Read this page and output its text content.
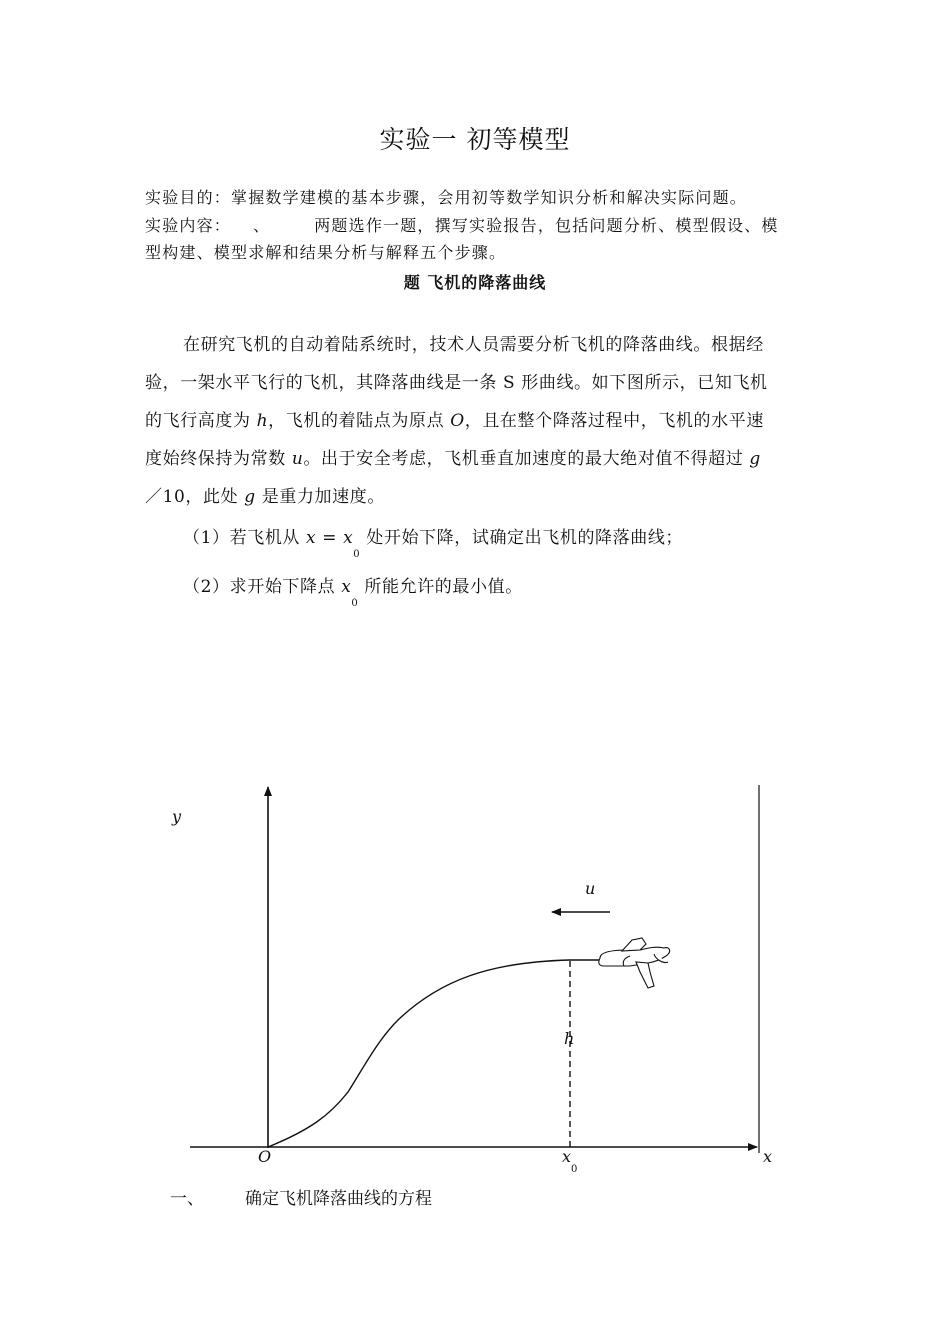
实验一 初等模型
实验目的：掌握数学建模的基本步骤，会用初等数学知识分析和解决实际问题。
实验内容： 、	两题选作一题，撰写实验报告，包括问题分析、模型假设、模
型构建、模型求解和结果分析与解释五个步骤。
题 飞机的降落曲线
在研究飞机的自动着陆系统时，技术人员需要分析飞机的降落曲线。根据经
验，一架水平飞行的飞机，其降落曲线是一条 S 形曲线。如下图所示，已知飞机
的飞行高度为 h，飞机的着陆点为原点 O，且在整个降落过程中，飞机的水平速
度始终保持为常数 u。出于安全考虑，飞机垂直加速度的最大绝对值不得超过 g
／10，此处 g 是重力加速度。
（1）若飞机从 $x = x_0$ 处开始下降，试确定出飞机的降落曲线；
（2）求开始下降点 $x_0$ 所能允许的最小值。
y
x
O	x
0
h
u
一、 确定飞机降落曲线的方程
